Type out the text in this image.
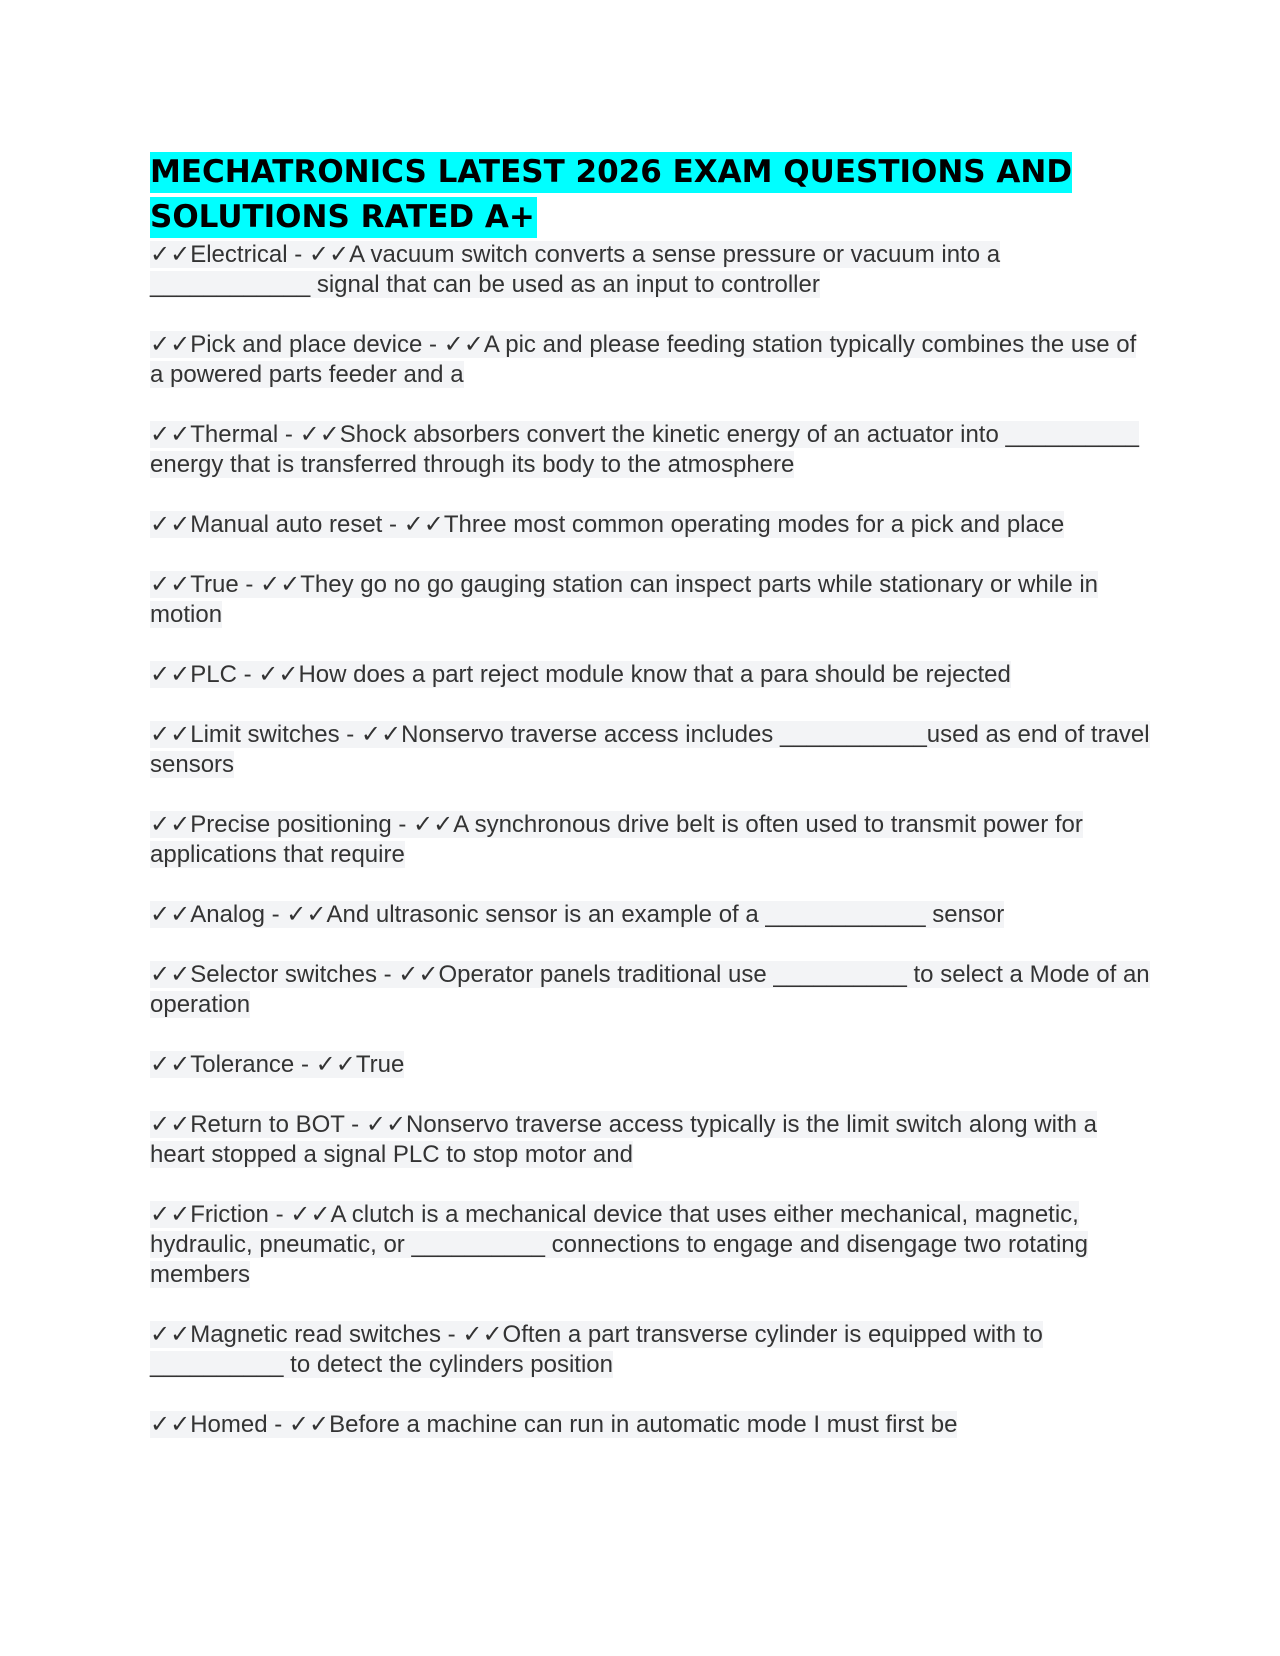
MECHATRONICS LATEST 2026 EXAM QUESTIONS AND SOLUTIONS RATED A+

✓✓Electrical - ✓✓A vacuum switch converts a sense pressure or vacuum into a ____________ signal that can be used as an input to controller

✓✓Pick and place device - ✓✓A pic and please feeding station typically combines the use of a powered parts feeder and a

✓✓Thermal - ✓✓Shock absorbers convert the kinetic energy of an actuator into __________ energy that is transferred through its body to the atmosphere

✓✓Manual auto reset - ✓✓Three most common operating modes for a pick and place

✓✓True - ✓✓They go no go gauging station can inspect parts while stationary or while in motion

✓✓PLC - ✓✓How does a part reject module know that a para should be rejected

✓✓Limit switches - ✓✓Nonservo traverse access includes ___________used as end of travel sensors

✓✓Precise positioning - ✓✓A synchronous drive belt is often used to transmit power for applications that require

✓✓Analog - ✓✓And ultrasonic sensor is an example of a ____________ sensor

✓✓Selector switches - ✓✓Operator panels traditional use __________ to select a Mode of an operation

✓✓Tolerance - ✓✓True

✓✓Return to BOT - ✓✓Nonservo traverse access typically is the limit switch along with a heart stopped a signal PLC to stop motor and

✓✓Friction - ✓✓A clutch is a mechanical device that uses either mechanical, magnetic, hydraulic, pneumatic, or __________ connections to engage and disengage two rotating members

✓✓Magnetic read switches - ✓✓Often a part transverse cylinder is equipped with to __________ to detect the cylinders position

✓✓Homed - ✓✓Before a machine can run in automatic mode I must first be
